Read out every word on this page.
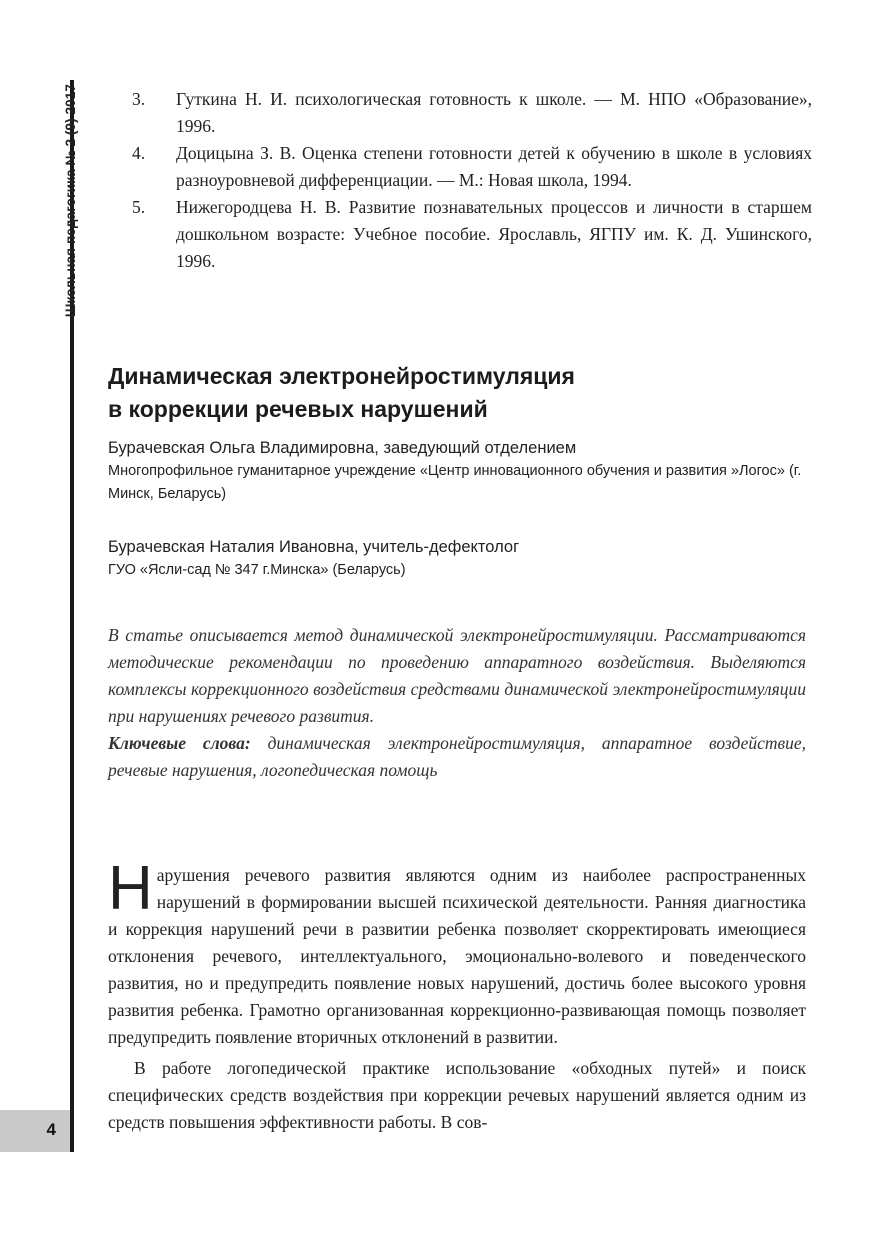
Школьная педагогика № 2 (9) 2017
4
3.	Гуткина Н. И. психологическая готовность к школе. — М. НПО «Образование», 1996.
4.	Доцицына З. В. Оценка степени готовности детей к обучению в школе в условиях разноуровневой дифференциации. — М.: Новая школа, 1994.
5.	Нижегородцева Н. В. Развитие познавательных процессов и личности в старшем дошкольном возрасте: Учебное пособие. Ярославль, ЯГПУ им. К. Д. Ушинского, 1996.
Динамическая электронейростимуляция
в коррекции речевых нарушений
Бурачевская Ольга Владимировна, заведующий отделением
Многопрофильное гуманитарное учреждение «Центр инновационного обучения и развития »Логос» (г. Минск, Беларусь)
Бурачевская Наталия Ивановна, учитель-дефектолог
ГУО «Ясли-сад № 347 г.Минска» (Беларусь)
В статье описывается метод динамической электронейростимуляции. Рассматриваются методические рекомендации по проведению аппаратного воздействия. Выделяются комплексы коррекционного воздействия средствами динамической электронейростимуляции при нарушениях речевого развития.
Ключевые слова: динамическая электронейростимуляция, аппаратное воздействие, речевые нарушения, логопедическая помощь

Нарушения речевого развития являются одним из наиболее распространенных нарушений в формировании высшей психической деятельности. Ранняя диагностика и коррекция нарушений речи в развитии ребенка позволяет скорректировать имеющиеся отклонения речевого, интеллектуального, эмоционально-волевого и поведенческого развития, но и предупредить появление новых нарушений, достичь более высокого уровня развития ребенка. Грамотно организованная коррекционно-развивающая помощь позволяет предупредить появление вторичных отклонений в развитии.

В работе логопедической практике использование «обходных путей» и поиск специфических средств воздействия при коррекции речевых нарушений является одним из средств повышения эффективности работы. В сов-
